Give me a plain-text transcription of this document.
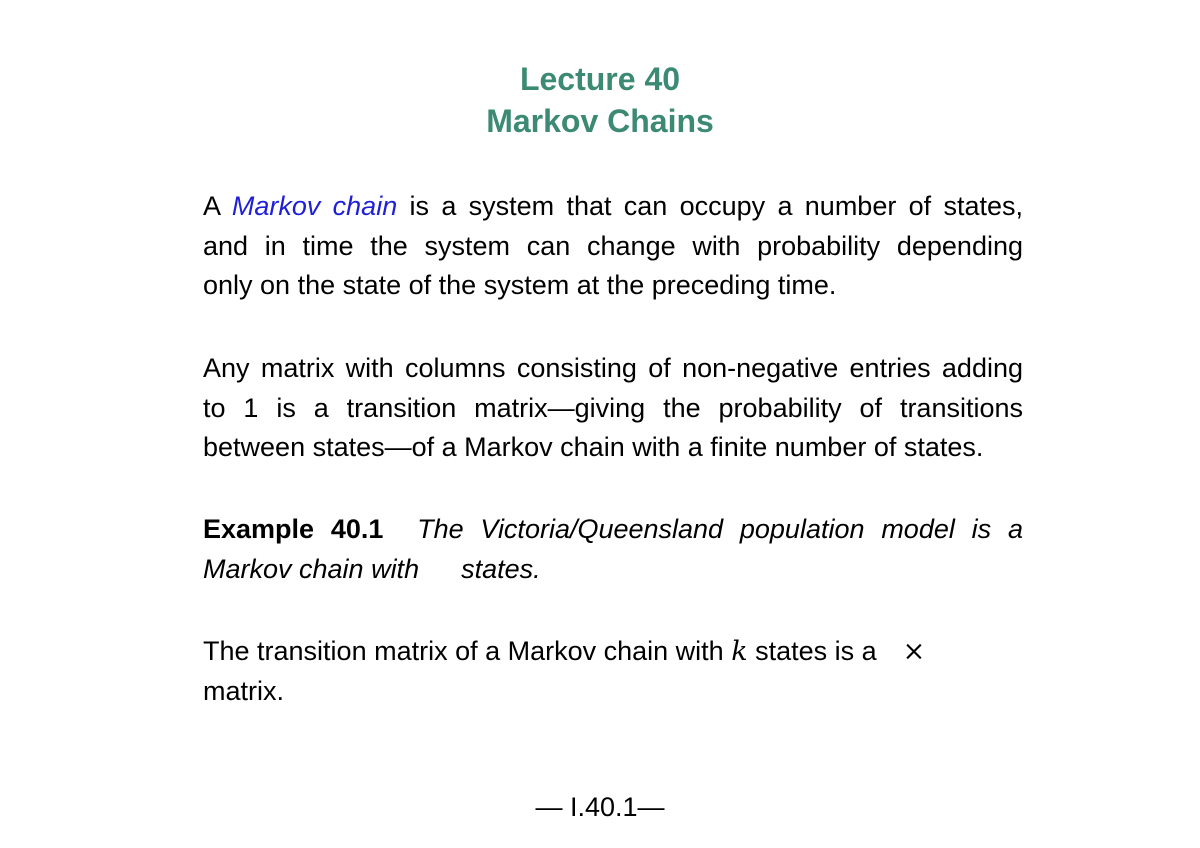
Lecture 40
Markov Chains
A Markov chain is a system that can occupy a number of states,
and in time the system can change with probability depending
only on the state of the system at the preceding time.
Any matrix with columns consisting of non-negative entries adding
to 1 is a transition matrix—giving the probability of transitions
between states—of a Markov chain with a finite number of states.
Example 40.1 The Victoria/Queensland population model is a
Markov chain with states.
The transition matrix of a Markov chain with k states is a ×
matrix.
— I.40.1—
